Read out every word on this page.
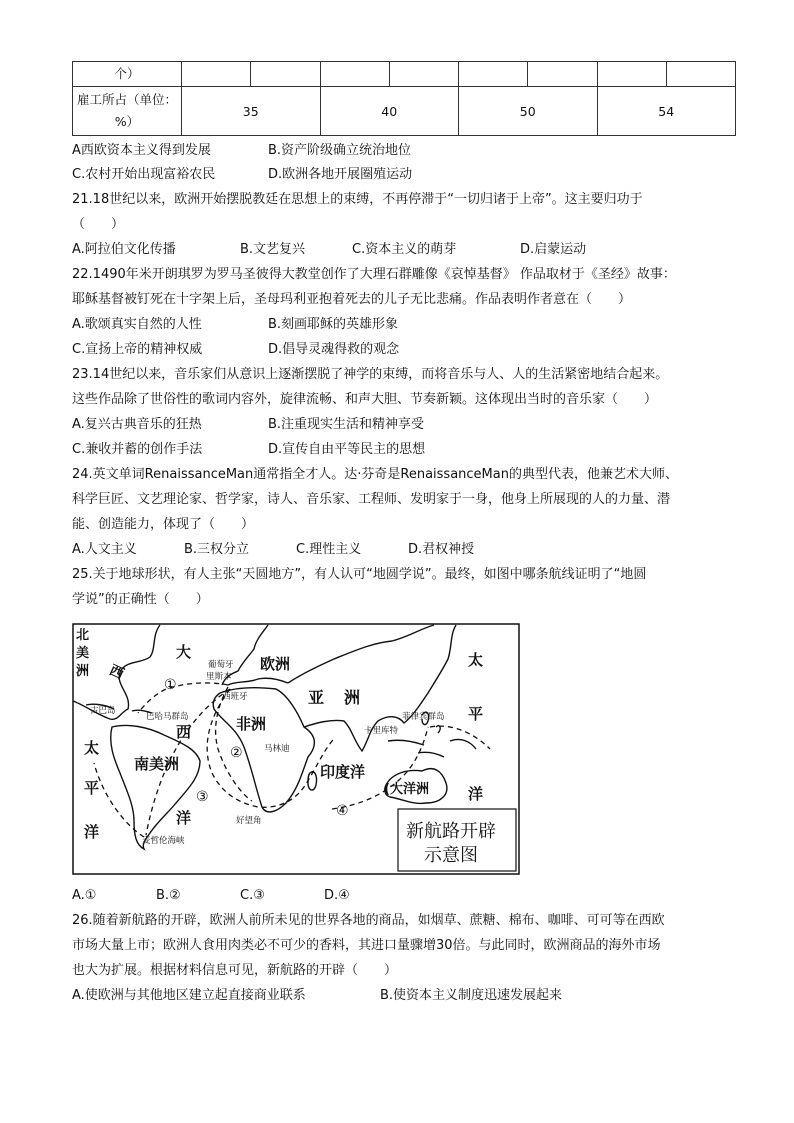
个）								
雇工所占（单位：%）	35		40		50		54	
A西欧资本主义得到发展	B.资产阶级确立统治地位
C.农村开始出现富裕农民	D.欧洲各地开展圈殖运动
21.18世纪以来，欧洲开始摆脱教廷在思想上的束缚，不再停滞于“一切归诸于上帝”。这主要归功于
（　　）
A.阿拉伯文化传播	B.文艺复兴	C.资本主义的萌芽	D.启蒙运动
22.1490年米开朗琪罗为罗马圣彼得大教堂创作了大理石群雕像《哀悼基督》 作品取材于《圣经》故事：
耶稣基督被钉死在十字架上后，圣母玛利亚抱着死去的儿子无比悲痛。作品表明作者意在（　　）
A.歌颂真实自然的人性	B.刻画耶稣的英雄形象
C.宣扬上帝的精神权威	D.倡导灵魂得救的观念
23.14世纪以来，音乐家们从意识上逐渐摆脱了神学的束缚，而将音乐与人、人的生活紧密地结合起来。
这些作品除了世俗性的歌词内容外，旋律流畅、和声大胆、节奏新颖。这体现出当时的音乐家（　　）
A.复兴古典音乐的狂热	B.注重现实生活和精神享受
C.兼收并蓄的创作手法	D.宣传自由平等民主的思想
24.英文单词RenaissanceMan通常指全才人。达·芬奇是RenaissanceMan的典型代表，他兼艺术大师、
科学巨匠、文艺理论家、哲学家，诗人、音乐家、工程师、发明家于一身，他身上所展现的人的力量、潜
能、创造能力，体现了（　　）
A.人文主义	B.三权分立	C.理性主义	D.君权神授
25.关于地球形状，有人主张“天圆地方”，有人认可“地圆学说”。最终，如图中哪条航线证明了“地圆
学说”的正确性（　　）
北
美
洲
大
西	欧洲
亚 洲
非洲
南美洲
西
洋
印度洋
(大洋洲
太
平
洋
太
平
洋
葡萄牙
里斯本
西班牙
古巴岛
巴哈马群岛	菲律宾群岛
卡里库特
马林迪
好望角
麦哲伦海峡
①
②
③
④
新航路开辟
示意图
A.①	B.②	C.③	D.④
26.随着新航路的开辟，欧洲人前所未见的世界各地的商品，如烟草、蔗糖、棉布、咖啡、可可等在西欧
市场大量上市；欧洲人食用肉类必不可少的香料，其进口量骤增30倍。与此同时，欧洲商品的海外市场
也大为扩展。根据材料信息可见，新航路的开辟（　　）
A.使欧洲与其他地区建立起直接商业联系	B.使资本主义制度迅速发展起来
